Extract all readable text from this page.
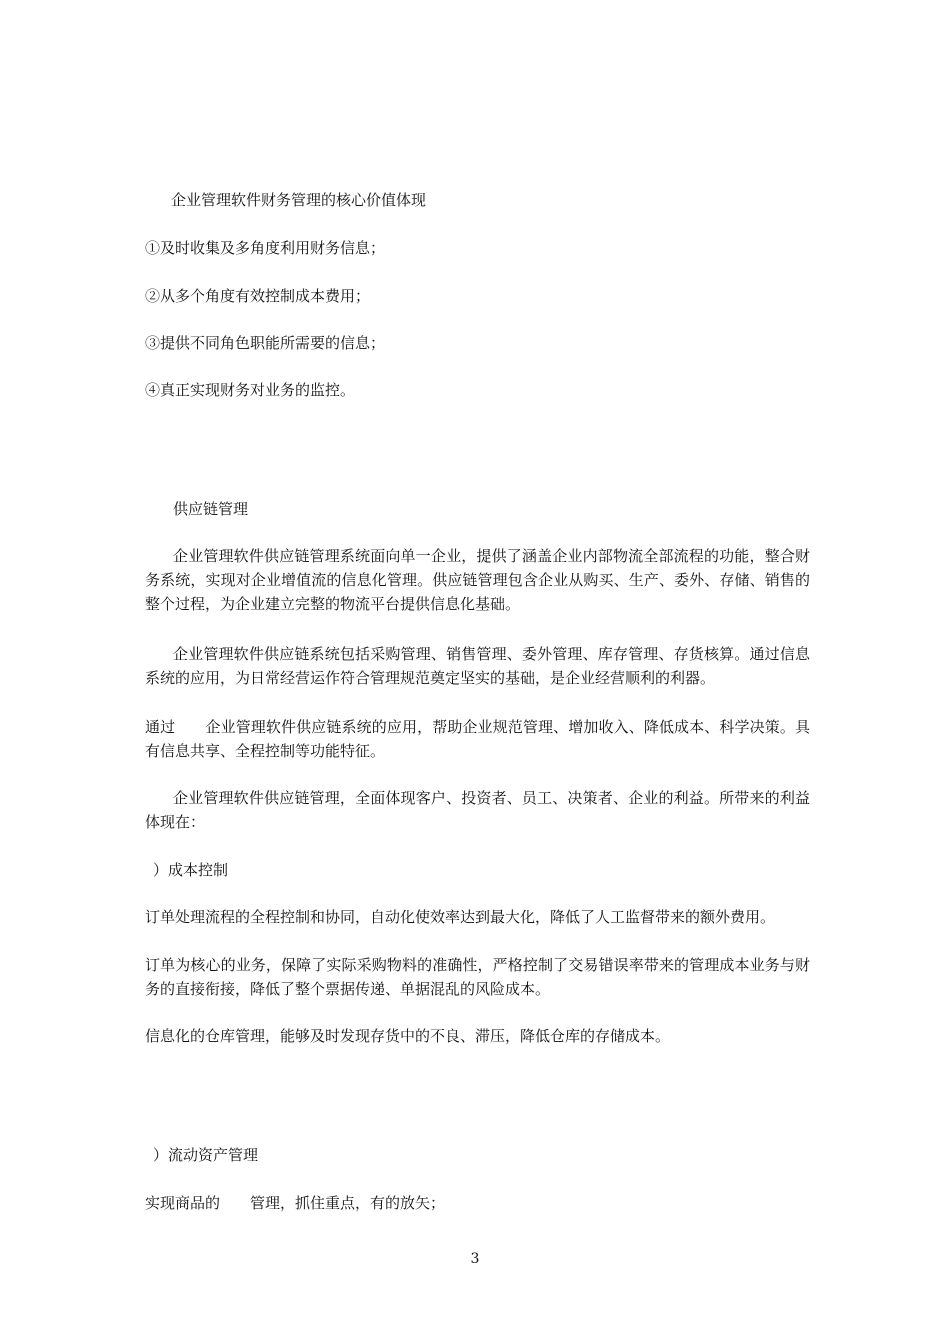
企业管理软件财务管理的核心价值体现

①及时收集及多角度利用财务信息；

②从多个角度有效控制成本费用；

③提供不同角色职能所需要的信息；

④真正实现财务对业务的监控。

供应链管理

企业管理软件供应链管理系统面向单一企业，提供了涵盖企业内部物流全部流程的功能，整合财务系统，实现对企业增值流的信息化管理。供应链管理包含企业从购买、生产、委外、存储、销售的整个过程，为企业建立完整的物流平台提供信息化基础。

企业管理软件供应链系统包括采购管理、销售管理、委外管理、库存管理、存货核算。通过信息系统的应用，为日常经营运作符合管理规范奠定坚实的基础，是企业经营顺利的利器。

通过　　企业管理软件供应链系统的应用，帮助企业规范管理、增加收入、降低成本、科学决策。具有信息共享、全程控制等功能特征。

企业管理软件供应链管理，全面体现客户、投资者、员工、决策者、企业的利益。所带来的利益体现在：

）成本控制

订单处理流程的全程控制和协同，自动化使效率达到最大化，降低了人工监督带来的额外费用。

订单为核心的业务，保障了实际采购物料的准确性，严格控制了交易错误率带来的管理成本业务与财务的直接衔接，降低了整个票据传递、单据混乱的风险成本。

信息化的仓库管理，能够及时发现存货中的不良、滞压，降低仓库的存储成本。

）流动资产管理

实现商品的　　管理，抓住重点，有的放矢；

3
